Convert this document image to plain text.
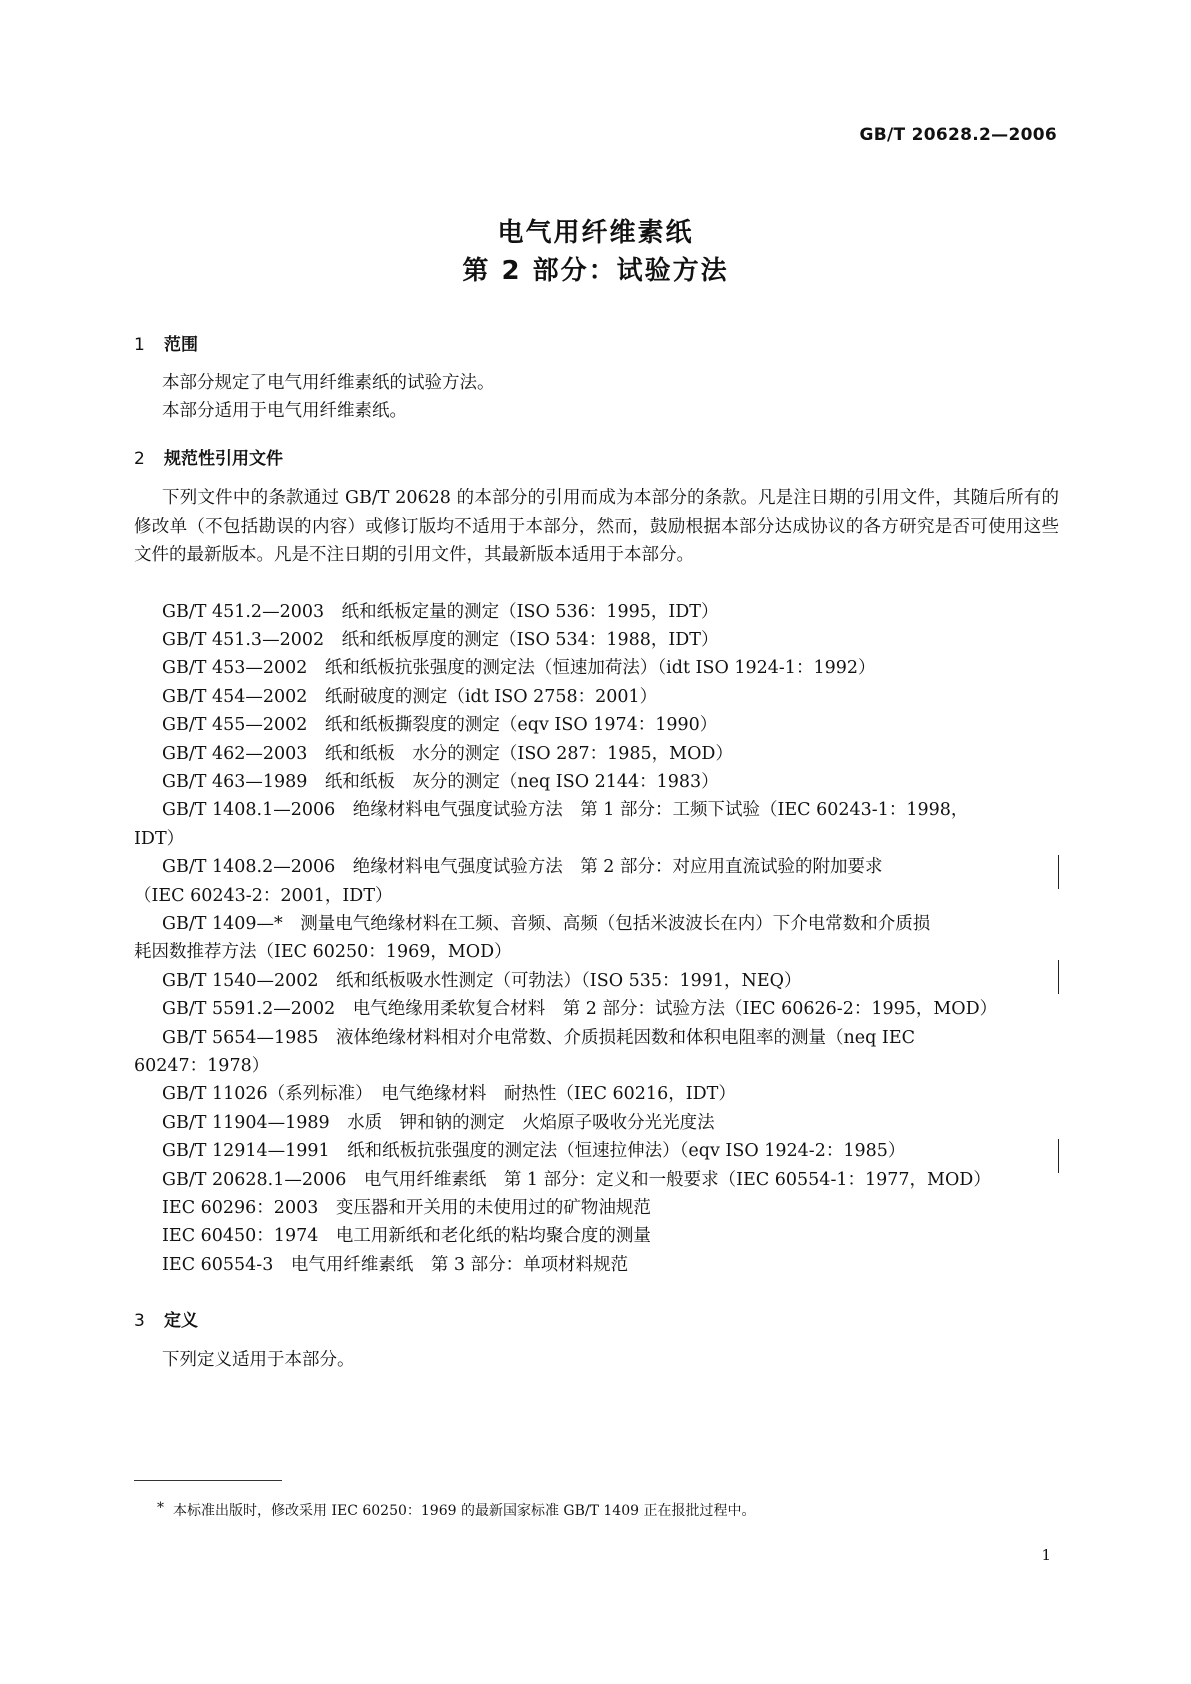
GB/T 20628.2—2006
电气用纤维素纸
第 2 部分：试验方法
1 范围
本部分规定了电气用纤维素纸的试验方法。
本部分适用于电气用纤维素纸。
2 规范性引用文件
下列文件中的条款通过 GB/T 20628 的本部分的引用而成为本部分的条款。凡是注日期的引用文件，其随后所有的修改单（不包括勘误的内容）或修订版均不适用于本部分，然而，鼓励根据本部分达成协议的各方研究是否可使用这些文件的最新版本。凡是不注日期的引用文件，其最新版本适用于本部分。
GB/T 451.2—2003　纸和纸板定量的测定（ISO 536：1995，IDT）
GB/T 451.3—2002　纸和纸板厚度的测定（ISO 534：1988，IDT）
GB/T 453—2002　纸和纸板抗张强度的测定法（恒速加荷法）（idt ISO 1924-1：1992）
GB/T 454—2002　纸耐破度的测定（idt ISO 2758：2001）
GB/T 455—2002　纸和纸板撕裂度的测定（eqv ISO 1974：1990）
GB/T 462—2003　纸和纸板　水分的测定（ISO 287：1985，MOD）
GB/T 463—1989　纸和纸板　灰分的测定（neq ISO 2144：1983）
GB/T 1408.1—2006　绝缘材料电气强度试验方法　第 1 部分：工频下试验（IEC 60243-1：1998，
IDT）
GB/T 1408.2—2006　绝缘材料电气强度试验方法　第 2 部分：对应用直流试验的附加要求
（IEC 60243-2：2001，IDT）
GB/T 1409—*　测量电气绝缘材料在工频、音频、高频（包括米波波长在内）下介电常数和介质损
耗因数推荐方法（IEC 60250：1969，MOD）
GB/T 1540—2002　纸和纸板吸水性测定（可勃法）（ISO 535：1991，NEQ）
GB/T 5591.2—2002　电气绝缘用柔软复合材料　第 2 部分：试验方法（IEC 60626-2：1995，MOD）
GB/T 5654—1985　液体绝缘材料相对介电常数、介质损耗因数和体积电阻率的测量（neq IEC
60247：1978）
GB/T 11026（系列标准）　电气绝缘材料　耐热性（IEC 60216，IDT）
GB/T 11904—1989　水质　钾和钠的测定　火焰原子吸收分光光度法
GB/T 12914—1991　纸和纸板抗张强度的测定法（恒速拉伸法）（eqv ISO 1924-2：1985）
GB/T 20628.1—2006　电气用纤维素纸　第 1 部分：定义和一般要求（IEC 60554-1：1977，MOD）
IEC 60296：2003　变压器和开关用的未使用过的矿物油规范
IEC 60450：1974　电工用新纸和老化纸的粘均聚合度的测量
IEC 60554-3　电气用纤维素纸　第 3 部分：单项材料规范
3 定义
下列定义适用于本部分。
* 本标准出版时，修改采用 IEC 60250：1969 的最新国家标准 GB/T 1409 正在报批过程中。
1
